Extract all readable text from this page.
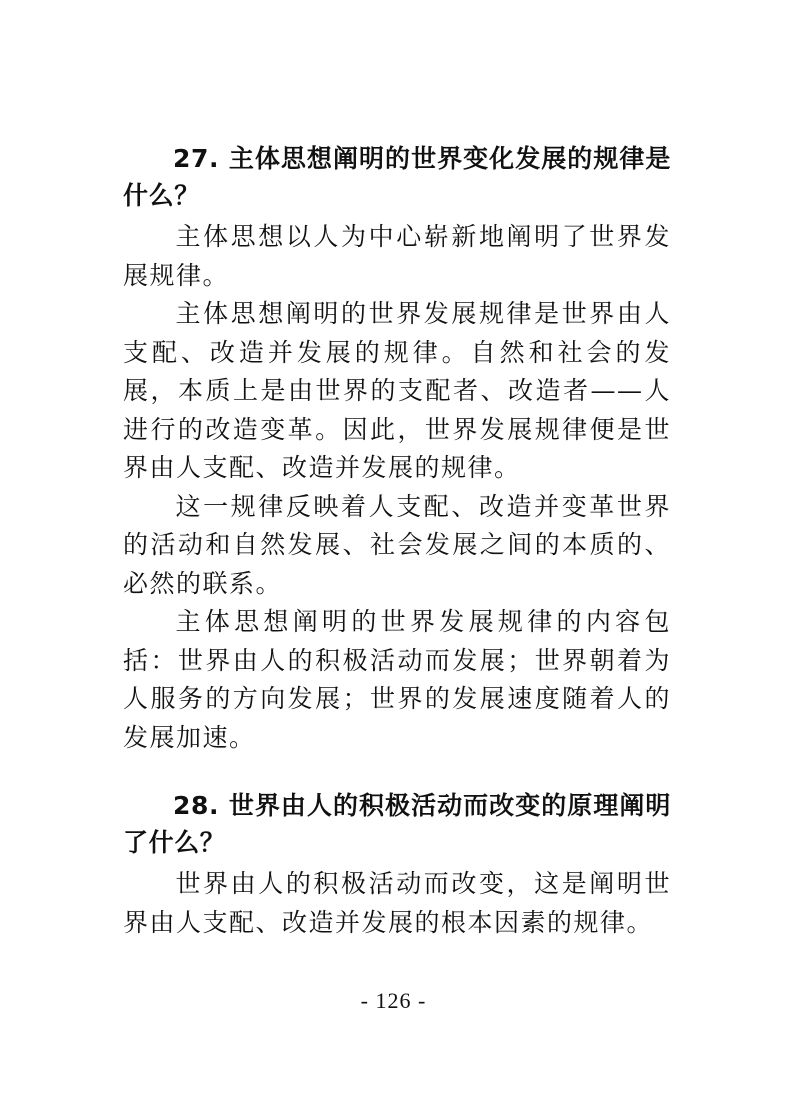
27. 主体思想阐明的世界变化发展的规律是什么？

主体思想以人为中心崭新地阐明了世界发展规律。

主体思想阐明的世界发展规律是世界由人支配、改造并发展的规律。自然和社会的发展，本质上是由世界的支配者、改造者——人进行的改造变革。因此，世界发展规律便是世界由人支配、改造并发展的规律。

这一规律反映着人支配、改造并变革世界的活动和自然发展、社会发展之间的本质的、必然的联系。

主体思想阐明的世界发展规律的内容包括：世界由人的积极活动而发展；世界朝着为人服务的方向发展；世界的发展速度随着人的发展加速。

28. 世界由人的积极活动而改变的原理阐明了什么？

世界由人的积极活动而改变，这是阐明世界由人支配、改造并发展的根本因素的规律。

- 126 -
